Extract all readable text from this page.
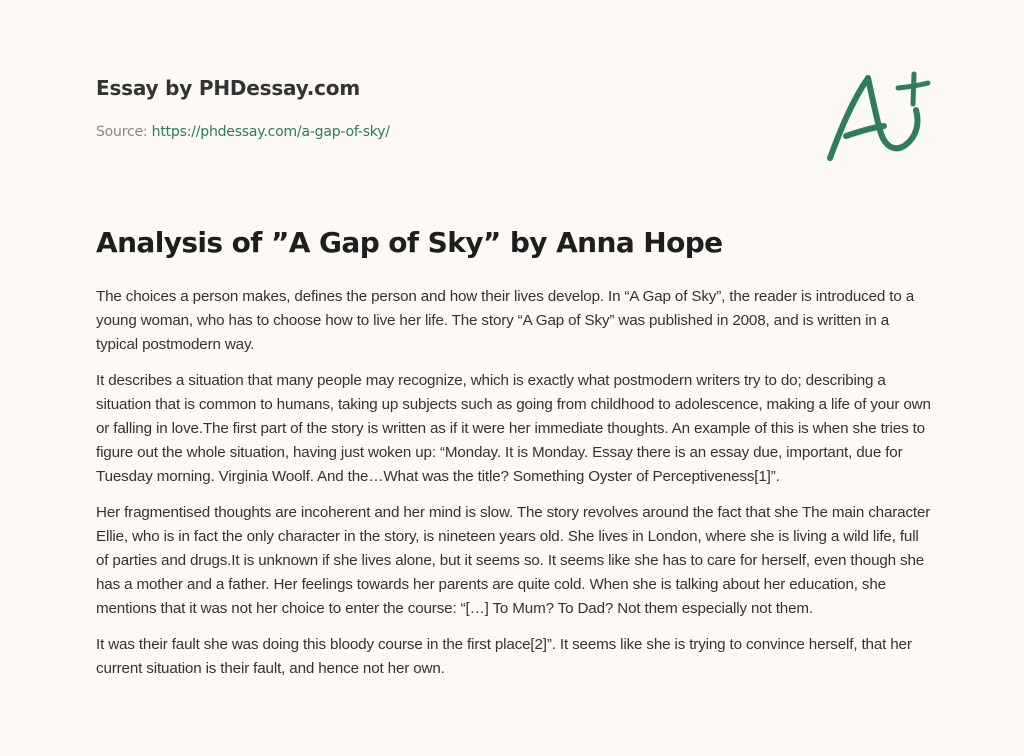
Essay by PHDessay.com
Source: https://phdessay.com/a-gap-of-sky/
Analysis of ”A Gap of Sky” by Anna Hope

The choices a person makes, defines the person and how their lives develop. In “A Gap of Sky”, the reader is introduced to a young woman, who has to choose how to live her life. The story “A Gap of Sky” was published in 2008, and is written in a typical postmodern way.

It describes a situation that many people may recognize, which is exactly what postmodern writers try to do; describing a situation that is common to humans, taking up subjects such as going from childhood to adolescence, making a life of your own or falling in love.The first part of the story is written as if it were her immediate thoughts. An example of this is when she tries to figure out the whole situation, having just woken up: “Monday. It is Monday. Essay there is an essay due, important, due for Tuesday morning. Virginia Woolf. And the…What was the title? Something Oyster of Perceptiveness[1]”.

Her fragmentised thoughts are incoherent and her mind is slow. The story revolves around the fact that she The main character Ellie, who is in fact the only character in the story, is nineteen years old. She lives in London, where she is living a wild life, full of parties and drugs.It is unknown if she lives alone, but it seems so. It seems like she has to care for herself, even though she has a mother and a father. Her feelings towards her parents are quite cold. When she is talking about her education, she mentions that it was not her choice to enter the course: “[…] To Mum? To Dad? Not them especially not them.

It was their fault she was doing this bloody course in the first place[2]”. It seems like she is trying to convince herself, that her current situation is their fault, and hence not her own.
